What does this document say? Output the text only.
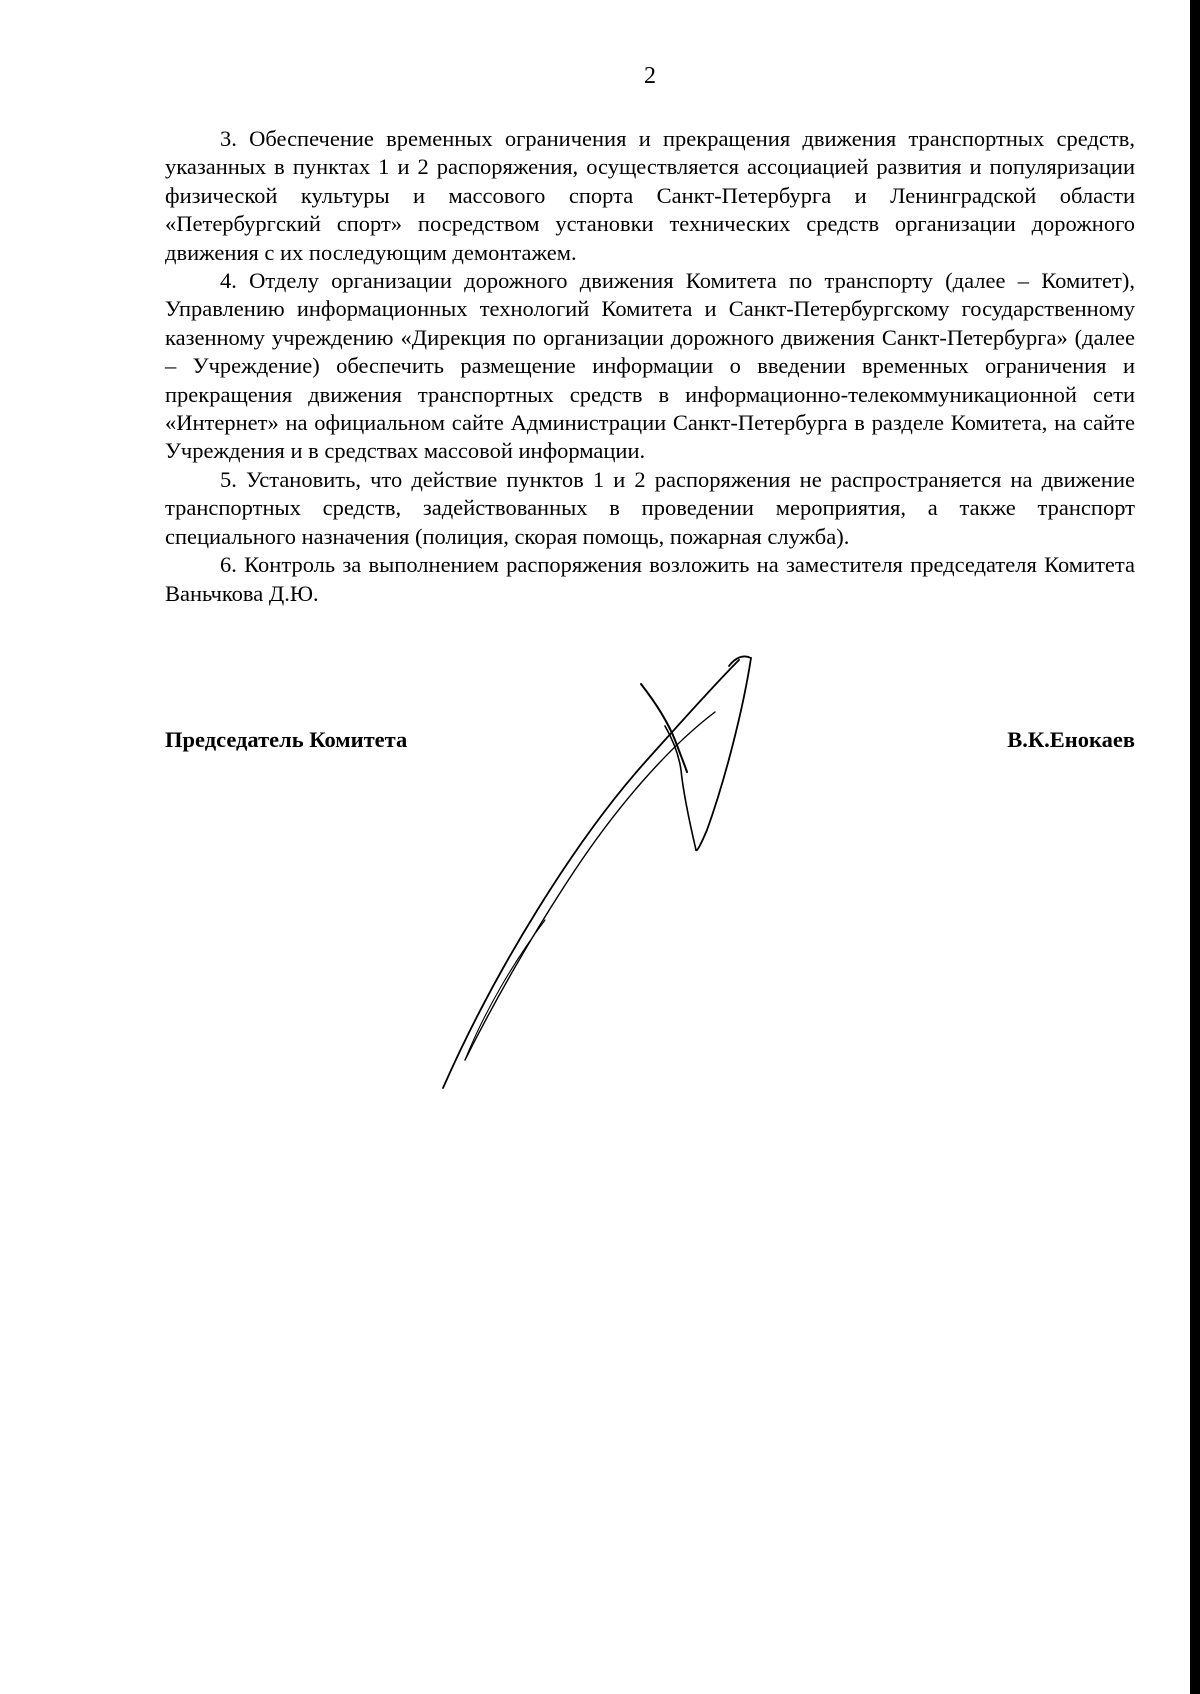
2

3. Обеспечение временных ограничения и прекращения движения транспортных средств, указанных в пунктах 1 и 2 распоряжения, осуществляется ассоциацией развития и популяризации физической культуры и массового спорта Санкт-Петербурга и Ленинградской области «Петербургский спорт» посредством установки технических средств организации дорожного движения с их последующим демонтажем.

4. Отделу организации дорожного движения Комитета по транспорту (далее – Комитет), Управлению информационных технологий Комитета и Санкт-Петербургскому государственному казенному учреждению «Дирекция по организации дорожного движения Санкт-Петербурга» (далее – Учреждение) обеспечить размещение информации о введении временных ограничения и прекращения движения транспортных средств в информационно-телекоммуникационной сети «Интернет» на официальном сайте Администрации Санкт-Петербурга в разделе Комитета, на сайте Учреждения и в средствах массовой информации.

5. Установить, что действие пунктов 1 и 2 распоряжения не распространяется на движение транспортных средств, задействованных в проведении мероприятия, а также транспорт специального назначения (полиция, скорая помощь, пожарная служба).

6. Контроль за выполнением распоряжения возложить на заместителя председателя Комитета Ваньчкова Д.Ю.

Председатель Комитета	В.К.Енокаев
